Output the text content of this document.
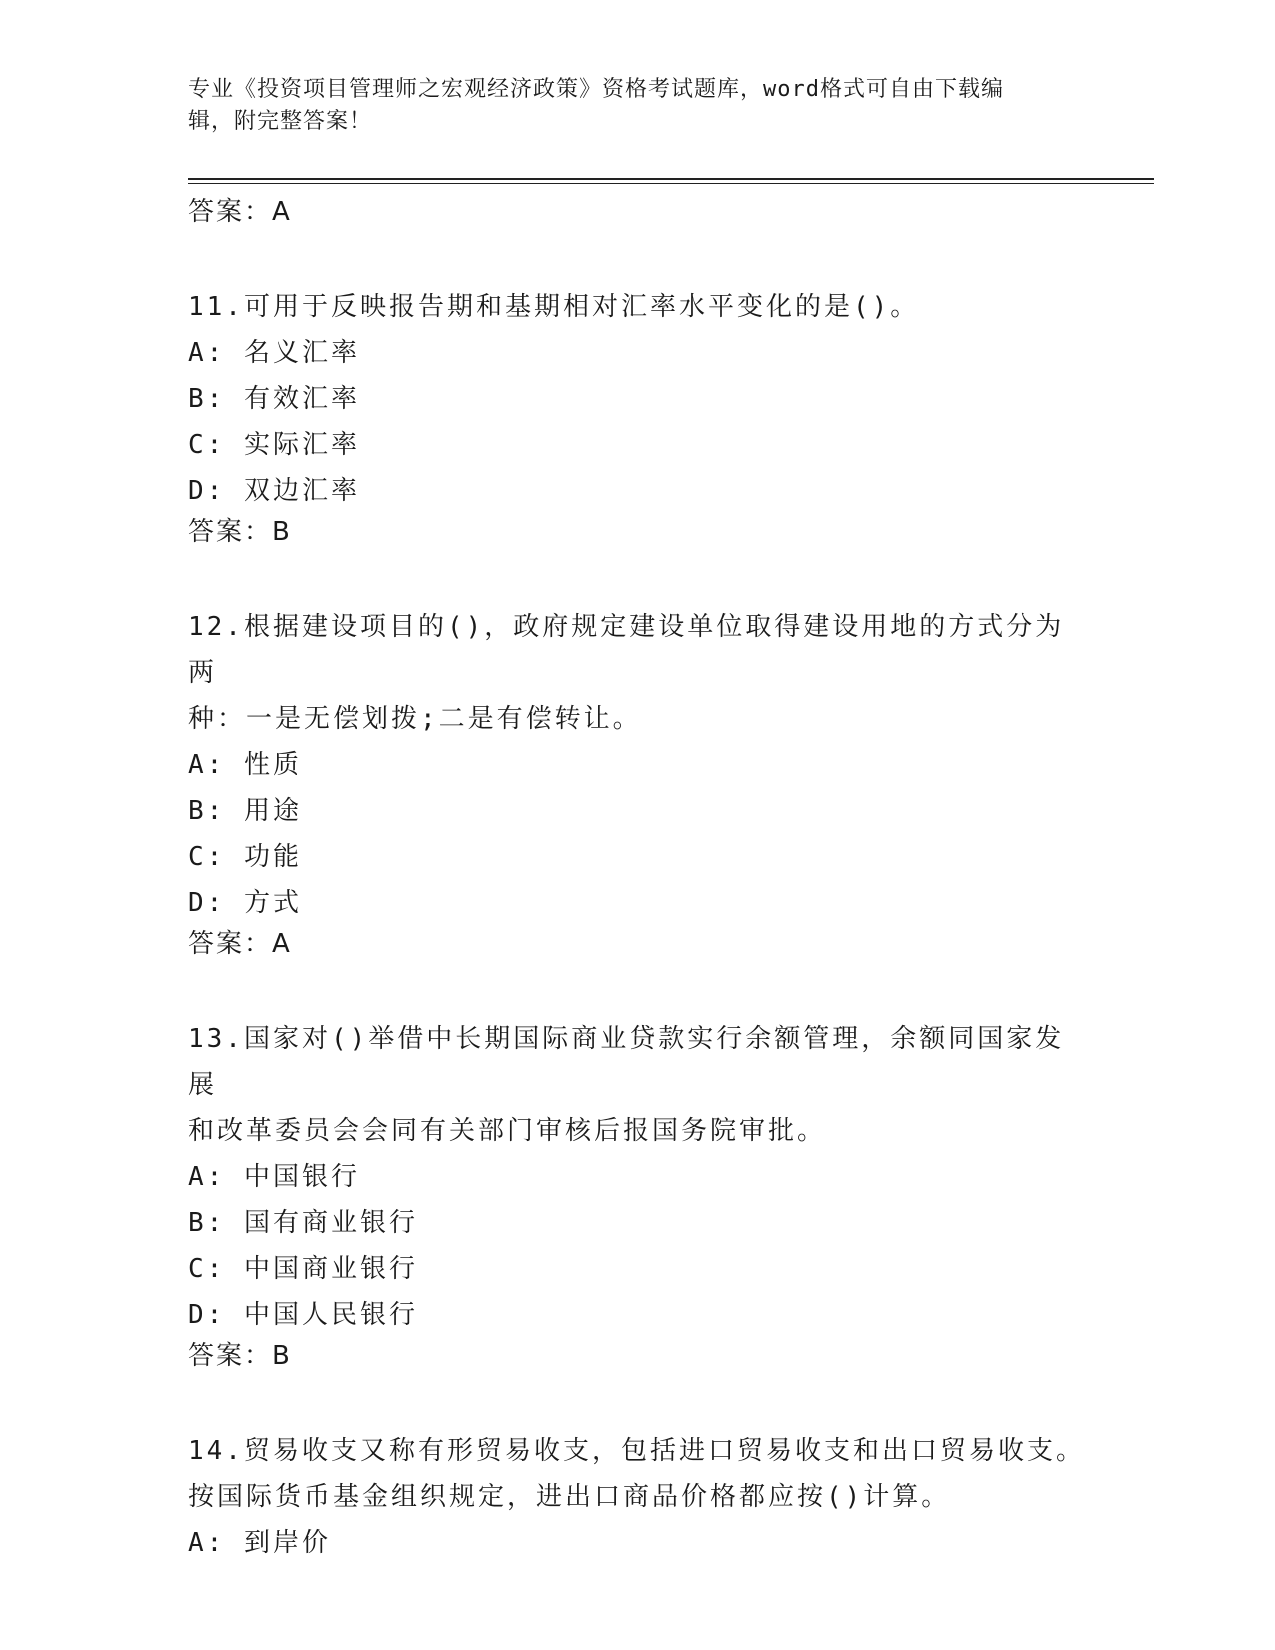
专业《投资项目管理师之宏观经济政策》资格考试题库，word格式可自由下载编
辑，附完整答案！
答案：A
11.可用于反映报告期和基期相对汇率水平变化的是()。
A: 名义汇率
B: 有效汇率
C: 实际汇率
D: 双边汇率
答案：B
12.根据建设项目的()，政府规定建设单位取得建设用地的方式分为两
种：一是无偿划拨;二是有偿转让。
A: 性质
B: 用途
C: 功能
D: 方式
答案：A
13.国家对()举借中长期国际商业贷款实行余额管理，余额同国家发展
和改革委员会会同有关部门审核后报国务院审批。
A: 中国银行
B: 国有商业银行
C: 中国商业银行
D: 中国人民银行
答案：B
14.贸易收支又称有形贸易收支，包括进口贸易收支和出口贸易收支。
按国际货币基金组织规定，进出口商品价格都应按()计算。
A: 到岸价
